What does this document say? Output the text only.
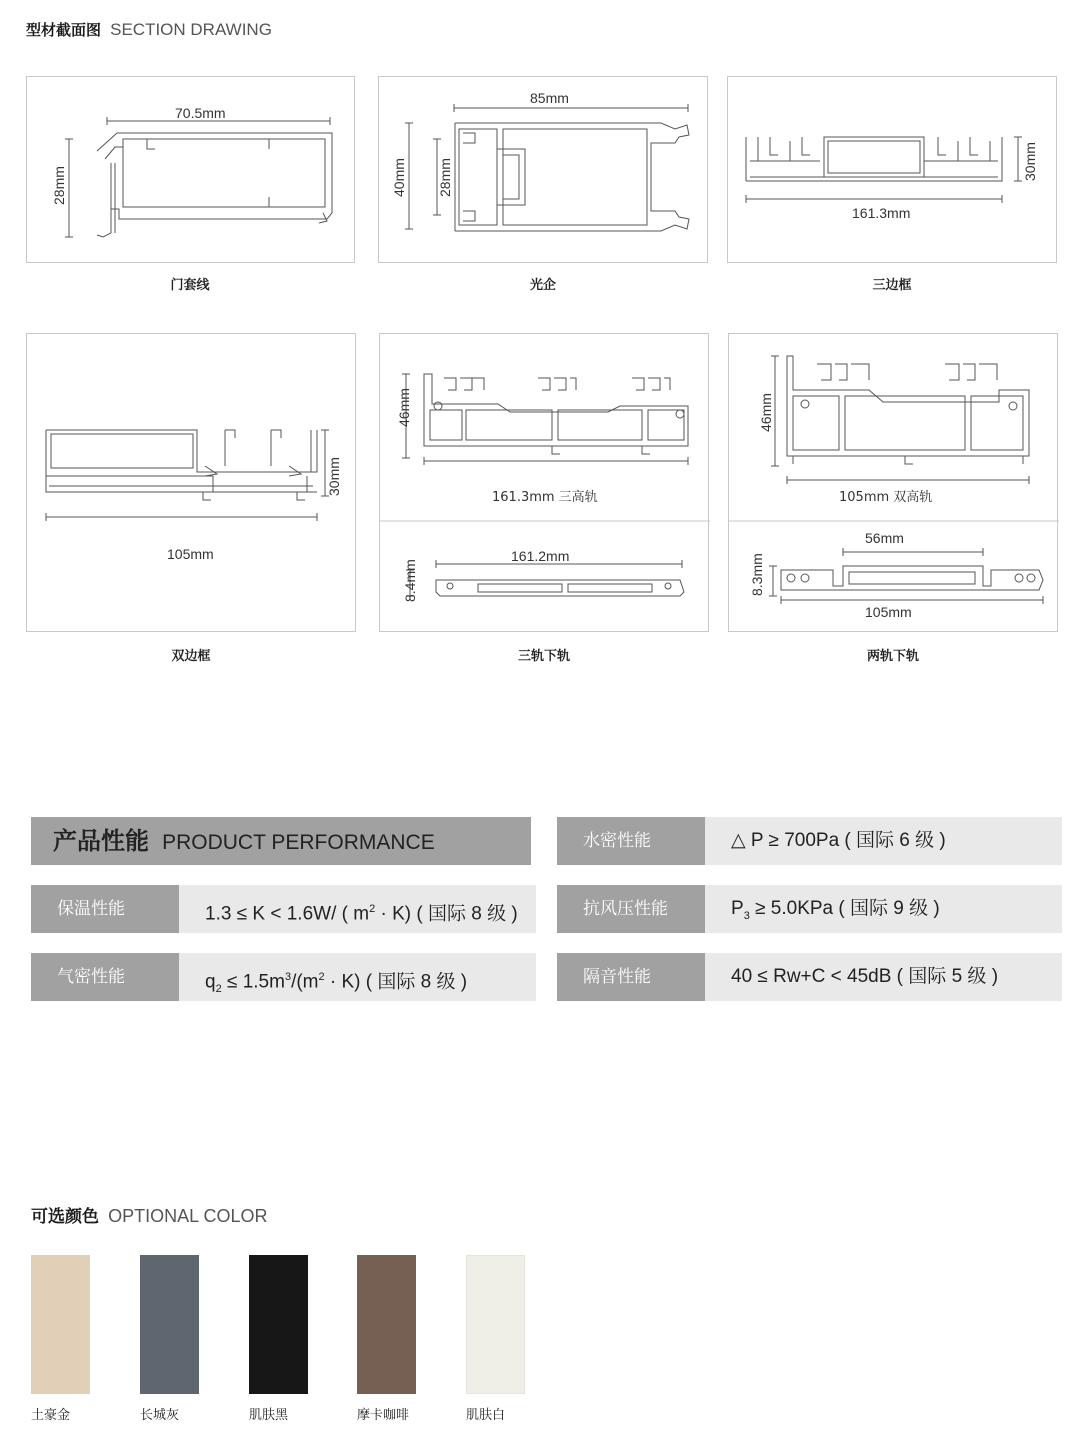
型材截面图 SECTION DRAWING
70.5mm
28mm
门套线
85mm
40mm 28mm
光企
161.3mm
30mm
三边框
105mm
30mm
双边框
161.3mm 三高轨
46mm
161.2mm
8.4mm
三轨下轨
105mm 双高轨
46mm
56mm
105mm
8.3mm
两轨下轨
产品性能 PRODUCT PERFORMANCE	水密性能	△ P ≥ 700Pa ( 国际 6 级 )
保温性能	1.3 ≤ K < 1.6W/ ( $m^2 \cdot K$) ( 国际 8 级 )	抗风压性能	$P_3 \ge 5.0KPa$ ( 国际 9 级 )
气密性能	$q_2 \le 1.5m^3/(m^2 \cdot K)$ ( 国际 8 级 )	隔音性能	40 ≤ Rw+C < 45dB ( 国际 5 级 )
可选颜色 OPTIONAL COLOR
土豪金	长城灰	肌肤黑	摩卡咖啡	肌肤白
